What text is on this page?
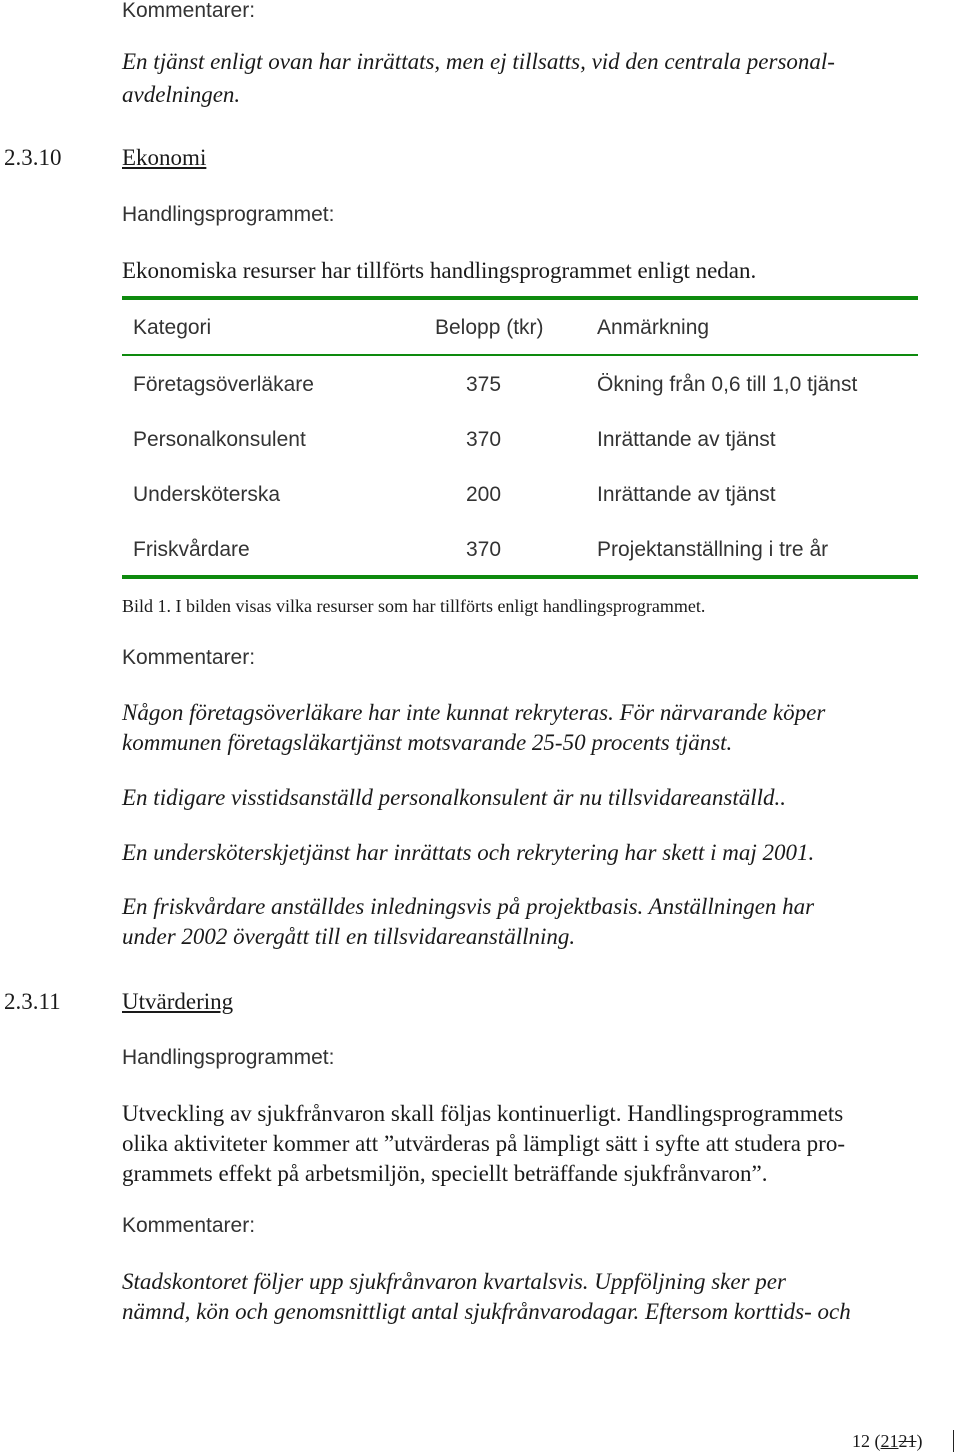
Kommentarer:
En tjänst enligt ovan har inrättats, men ej tillsatts, vid den centrala personal-
avdelningen.
2.3.10	Ekonomi
Handlingsprogrammet:
Ekonomiska resurser har tillförts handlingsprogrammet enligt nedan.
Kategori	Belopp (tkr)	Anmärkning
Företagsöverläkare	375	Ökning från 0,6 till 1,0 tjänst
Personalkonsulent	370	Inrättande av tjänst
Undersköterska	200	Inrättande av tjänst
Friskvårdare	370	Projektanställning i tre år
Bild 1. I bilden visas vilka resurser som har tillförts enligt handlingsprogrammet.
Kommentarer:
Någon företagsöverläkare har inte kunnat rekryteras. För närvarande köper
kommunen företagsläkartjänst motsvarande 25-50 procents tjänst.
En tidigare visstidsanställd personalkonsulent är nu tillsvidareanställd..
En undersköterskjetjänst har inrättats och rekrytering har skett i maj 2001.
En friskvårdare anställdes inledningsvis på projektbasis. Anställningen har
under 2002 övergått till en tillsvidareanställning.
2.3.11	Utvärdering
Handlingsprogrammet:
Utveckling av sjukfrånvaron skall följas kontinuerligt. Handlingsprogrammets
olika aktiviteter kommer att ”utvärderas på lämpligt sätt i syfte att studera pro-
grammets effekt på arbetsmiljön, speciellt beträffande sjukfrånvaron”.
Kommentarer:
Stadskontoret följer upp sjukfrånvaron kvartalsvis. Uppföljning sker per
nämnd, kön och genomsnittligt antal sjukfrånvarodagar. Eftersom korttids- och
12 (2121)
